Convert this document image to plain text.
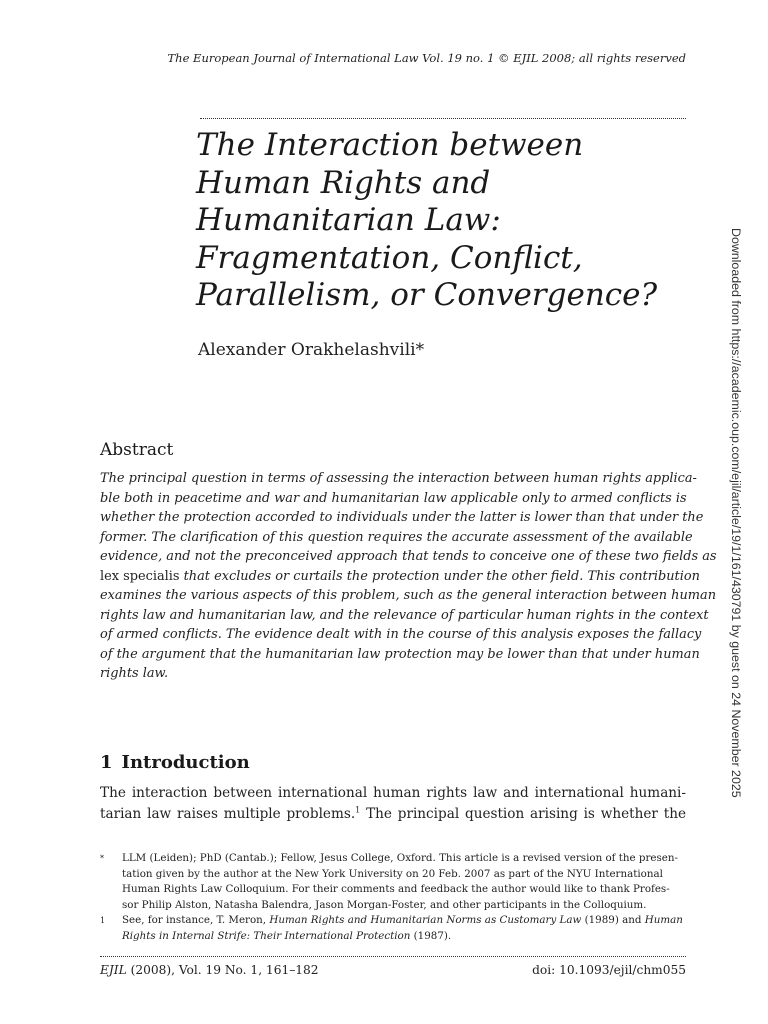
The European Journal of International Law Vol. 19 no. 1 © EJIL 2008; all rights reserved
The Interaction between
Human Rights and
Humanitarian Law:
Fragmentation, Conflict,
Parallelism, or Convergence?
Alexander Orakhelashvili*
Abstract
The principal question in terms of assessing the interaction between human rights applica-
ble both in peacetime and war and humanitarian law applicable only to armed conflicts is
whether the protection accorded to individuals under the latter is lower than that under the
former. The clarification of this question requires the accurate assessment of the available
evidence, and not the preconceived approach that tends to conceive one of these two fields as
lex specialis that excludes or curtails the protection under the other field. This contribution
examines the various aspects of this problem, such as the general interaction between human
rights law and humanitarian law, and the relevance of particular human rights in the context
of armed conflicts. The evidence dealt with in the course of this analysis exposes the fallacy
of the argument that the humanitarian law protection may be lower than that under human
rights law.
1 Introduction
The interaction between international human rights law and international humani-
tarian law raises multiple problems.$^1$ The principal question arising is whether the
* LLM (Leiden); PhD (Cantab.); Fellow, Jesus College, Oxford. This article is a revised version of the presen-
tation given by the author at the New York University on 20 Feb. 2007 as part of the NYU International
Human Rights Law Colloquium. For their comments and feedback the author would like to thank Profes-
sor Philip Alston, Natasha Balendra, Jason Morgan-Foster, and other participants in the Colloquium.
1 See, for instance, T. Meron, Human Rights and Humanitarian Norms as Customary Law (1989) and Human
Rights in Internal Strife: Their International Protection (1987).
EJIL (2008), Vol. 19 No. 1, 161–182	doi: 10.1093/ejil/chm055
Downloaded from https://academic.oup.com/ejil/article/19/1/161/430791 by guest on 24 November 2025
